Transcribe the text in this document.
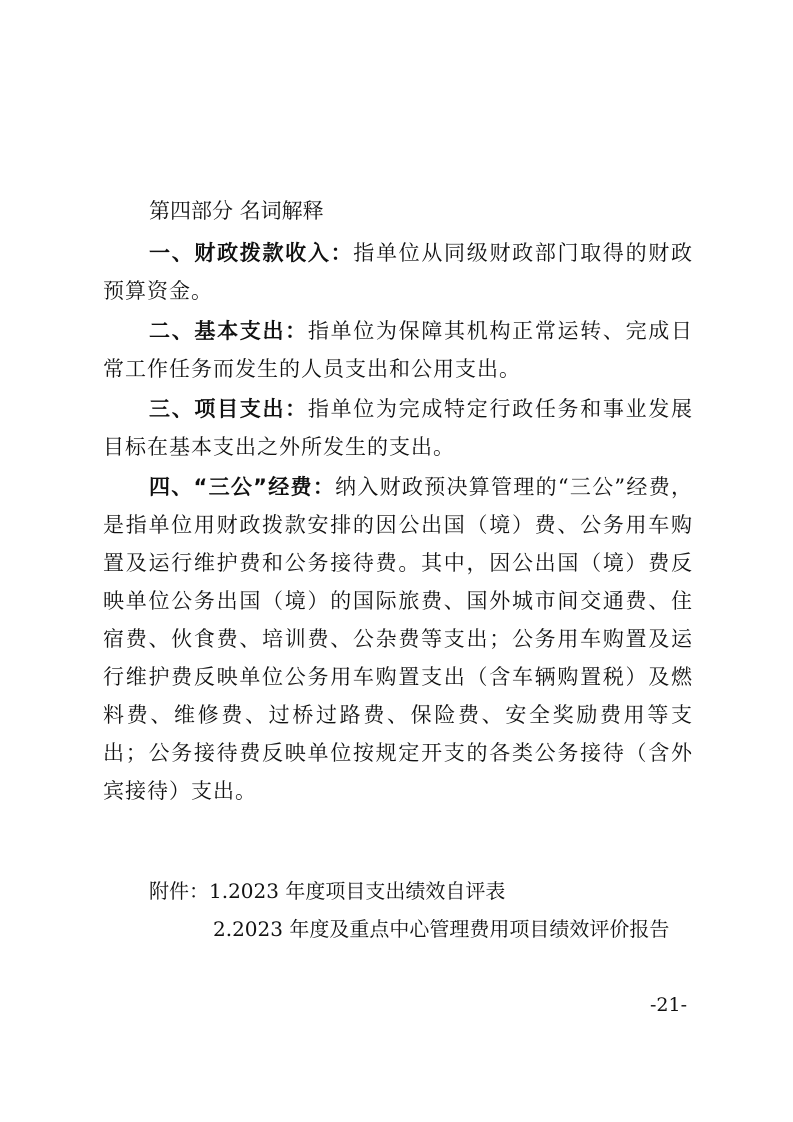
第四部分 名词解释

一、财政拨款收入：指单位从同级财政部门取得的财政预算资金。

二、基本支出：指单位为保障其机构正常运转、完成日常工作任务而发生的人员支出和公用支出。

三、项目支出：指单位为完成特定行政任务和事业发展目标在基本支出之外所发生的支出。

四、“三公”经费：纳入财政预决算管理的“三公”经费，是指单位用财政拨款安排的因公出国（境）费、公务用车购置及运行维护费和公务接待费。其中，因公出国（境）费反映单位公务出国（境）的国际旅费、国外城市间交通费、住宿费、伙食费、培训费、公杂费等支出；公务用车购置及运行维护费反映单位公务用车购置支出（含车辆购置税）及燃料费、维修费、过桥过路费、保险费、安全奖励费用等支出；公务接待费反映单位按规定开支的各类公务接待（含外宾接待）支出。

附件：1.2023 年度项目支出绩效自评表
2.2023 年度及重点中心管理费用项目绩效评价报告
-21-
